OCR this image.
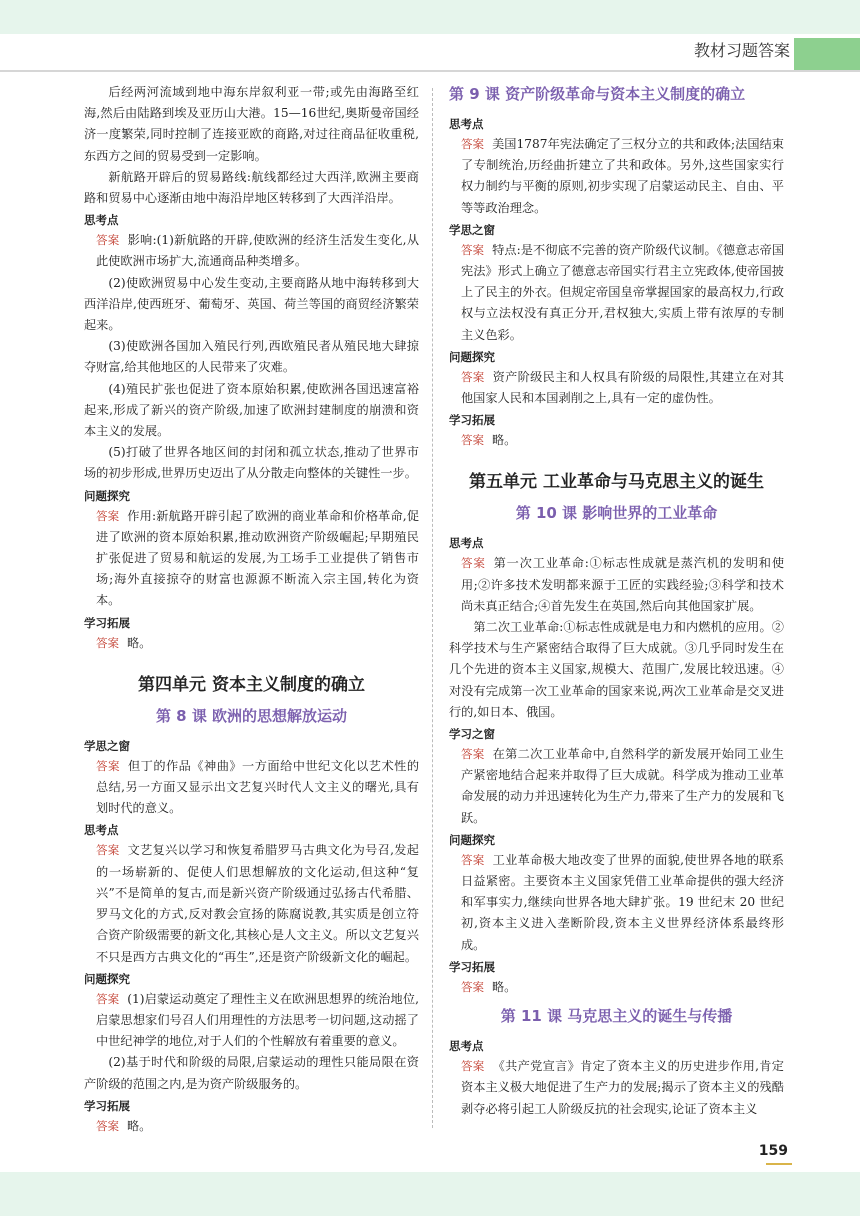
教材习题答案

后经两河流域到地中海东岸叙利亚一带;或先由海路至红海,然后由陆路到埃及亚历山大港。15—16世纪,奥斯曼帝国经济一度繁荣,同时控制了连接亚欧的商路,对过往商品征收重税,东西方之间的贸易受到一定影响。

新航路开辟后的贸易路线:航线都经过大西洋,欧洲主要商路和贸易中心逐渐由地中海沿岸地区转移到了大西洋沿岸。

思考点

答案 影响:(1)新航路的开辟,使欧洲的经济生活发生变化,从此使欧洲市场扩大,流通商品种类增多。

(2)使欧洲贸易中心发生变动,主要商路从地中海转移到大西洋沿岸,使西班牙、葡萄牙、英国、荷兰等国的商贸经济繁荣起来。

(3)使欧洲各国加入殖民行列,西欧殖民者从殖民地大肆掠夺财富,给其他地区的人民带来了灾难。

(4)殖民扩张也促进了资本原始积累,使欧洲各国迅速富裕起来,形成了新兴的资产阶级,加速了欧洲封建制度的崩溃和资本主义的发展。

(5)打破了世界各地区间的封闭和孤立状态,推动了世界市场的初步形成,世界历史迈出了从分散走向整体的关键性一步。

问题探究

答案 作用:新航路开辟引起了欧洲的商业革命和价格革命,促进了欧洲的资本原始积累,推动欧洲资产阶级崛起;早期殖民扩张促进了贸易和航运的发展,为工场手工业提供了销售市场;海外直接掠夺的财富也源源不断流入宗主国,转化为资本。

学习拓展

答案 略。

第四单元 资本主义制度的确立
第 8 课 欧洲的思想解放运动
学思之窗

答案 但丁的作品《神曲》一方面给中世纪文化以艺术性的总结,另一方面又显示出文艺复兴时代人文主义的曙光,具有划时代的意义。

思考点

答案 文艺复兴以学习和恢复希腊罗马古典文化为号召,发起的一场崭新的、促使人们思想解放的文化运动,但这种“复兴”不是简单的复古,而是新兴资产阶级通过弘扬古代希腊、罗马文化的方式,反对教会宣扬的陈腐说教,其实质是创立符合资产阶级需要的新文化,其核心是人文主义。所以文艺复兴不只是西方古典文化的“再生”,还是资产阶级新文化的崛起。

问题探究

答案 (1)启蒙运动奠定了理性主义在欧洲思想界的统治地位,启蒙思想家们号召人们用理性的方法思考一切问题,这动摇了中世纪神学的地位,对于人们的个性解放有着重要的意义。

(2)基于时代和阶级的局限,启蒙运动的理性只能局限在资产阶级的范围之内,是为资产阶级服务的。

学习拓展

答案 略。

第 9 课 资产阶级革命与资本主义制度的确立
思考点

答案 美国1787年宪法确定了三权分立的共和政体;法国结束了专制统治,历经曲折建立了共和政体。另外,这些国家实行权力制约与平衡的原则,初步实现了启蒙运动民主、自由、平等等政治理念。

学思之窗

答案 特点:是不彻底不完善的资产阶级代议制。《德意志帝国宪法》形式上确立了德意志帝国实行君主立宪政体,使帝国披上了民主的外衣。但规定帝国皇帝掌握国家的最高权力,行政权与立法权没有真正分开,君权独大,实质上带有浓厚的专制主义色彩。

问题探究

答案 资产阶级民主和人权具有阶级的局限性,其建立在对其他国家人民和本国剥削之上,具有一定的虚伪性。

学习拓展

答案 略。

第五单元 工业革命与马克思主义的诞生
第 10 课 影响世界的工业革命
思考点

答案 第一次工业革命:①标志性成就是蒸汽机的发明和使用;②许多技术发明都来源于工匠的实践经验;③科学和技术尚未真正结合;④首先发生在英国,然后向其他国家扩展。

第二次工业革命:①标志性成就是电力和内燃机的应用。②科学技术与生产紧密结合取得了巨大成就。③几乎同时发生在几个先进的资本主义国家,规模大、范围广,发展比较迅速。④对没有完成第一次工业革命的国家来说,两次工业革命是交叉进行的,如日本、俄国。

学习之窗

答案 在第二次工业革命中,自然科学的新发展开始同工业生产紧密地结合起来并取得了巨大成就。科学成为推动工业革命发展的动力并迅速转化为生产力,带来了生产力的发展和飞跃。

问题探究

答案 工业革命极大地改变了世界的面貌,使世界各地的联系日益紧密。主要资本主义国家凭借工业革命提供的强大经济和军事实力,继续向世界各地大肆扩张。19 世纪末 20 世纪初,资本主义进入垄断阶段,资本主义世界经济体系最终形成。

学习拓展

答案 略。

第 11 课 马克思主义的诞生与传播
思考点

答案 《共产党宣言》肯定了资本主义的历史进步作用,肯定资本主义极大地促进了生产力的发展;揭示了资本主义的残酷剥夺必将引起工人阶级反抗的社会现实,论证了资本主义

159
